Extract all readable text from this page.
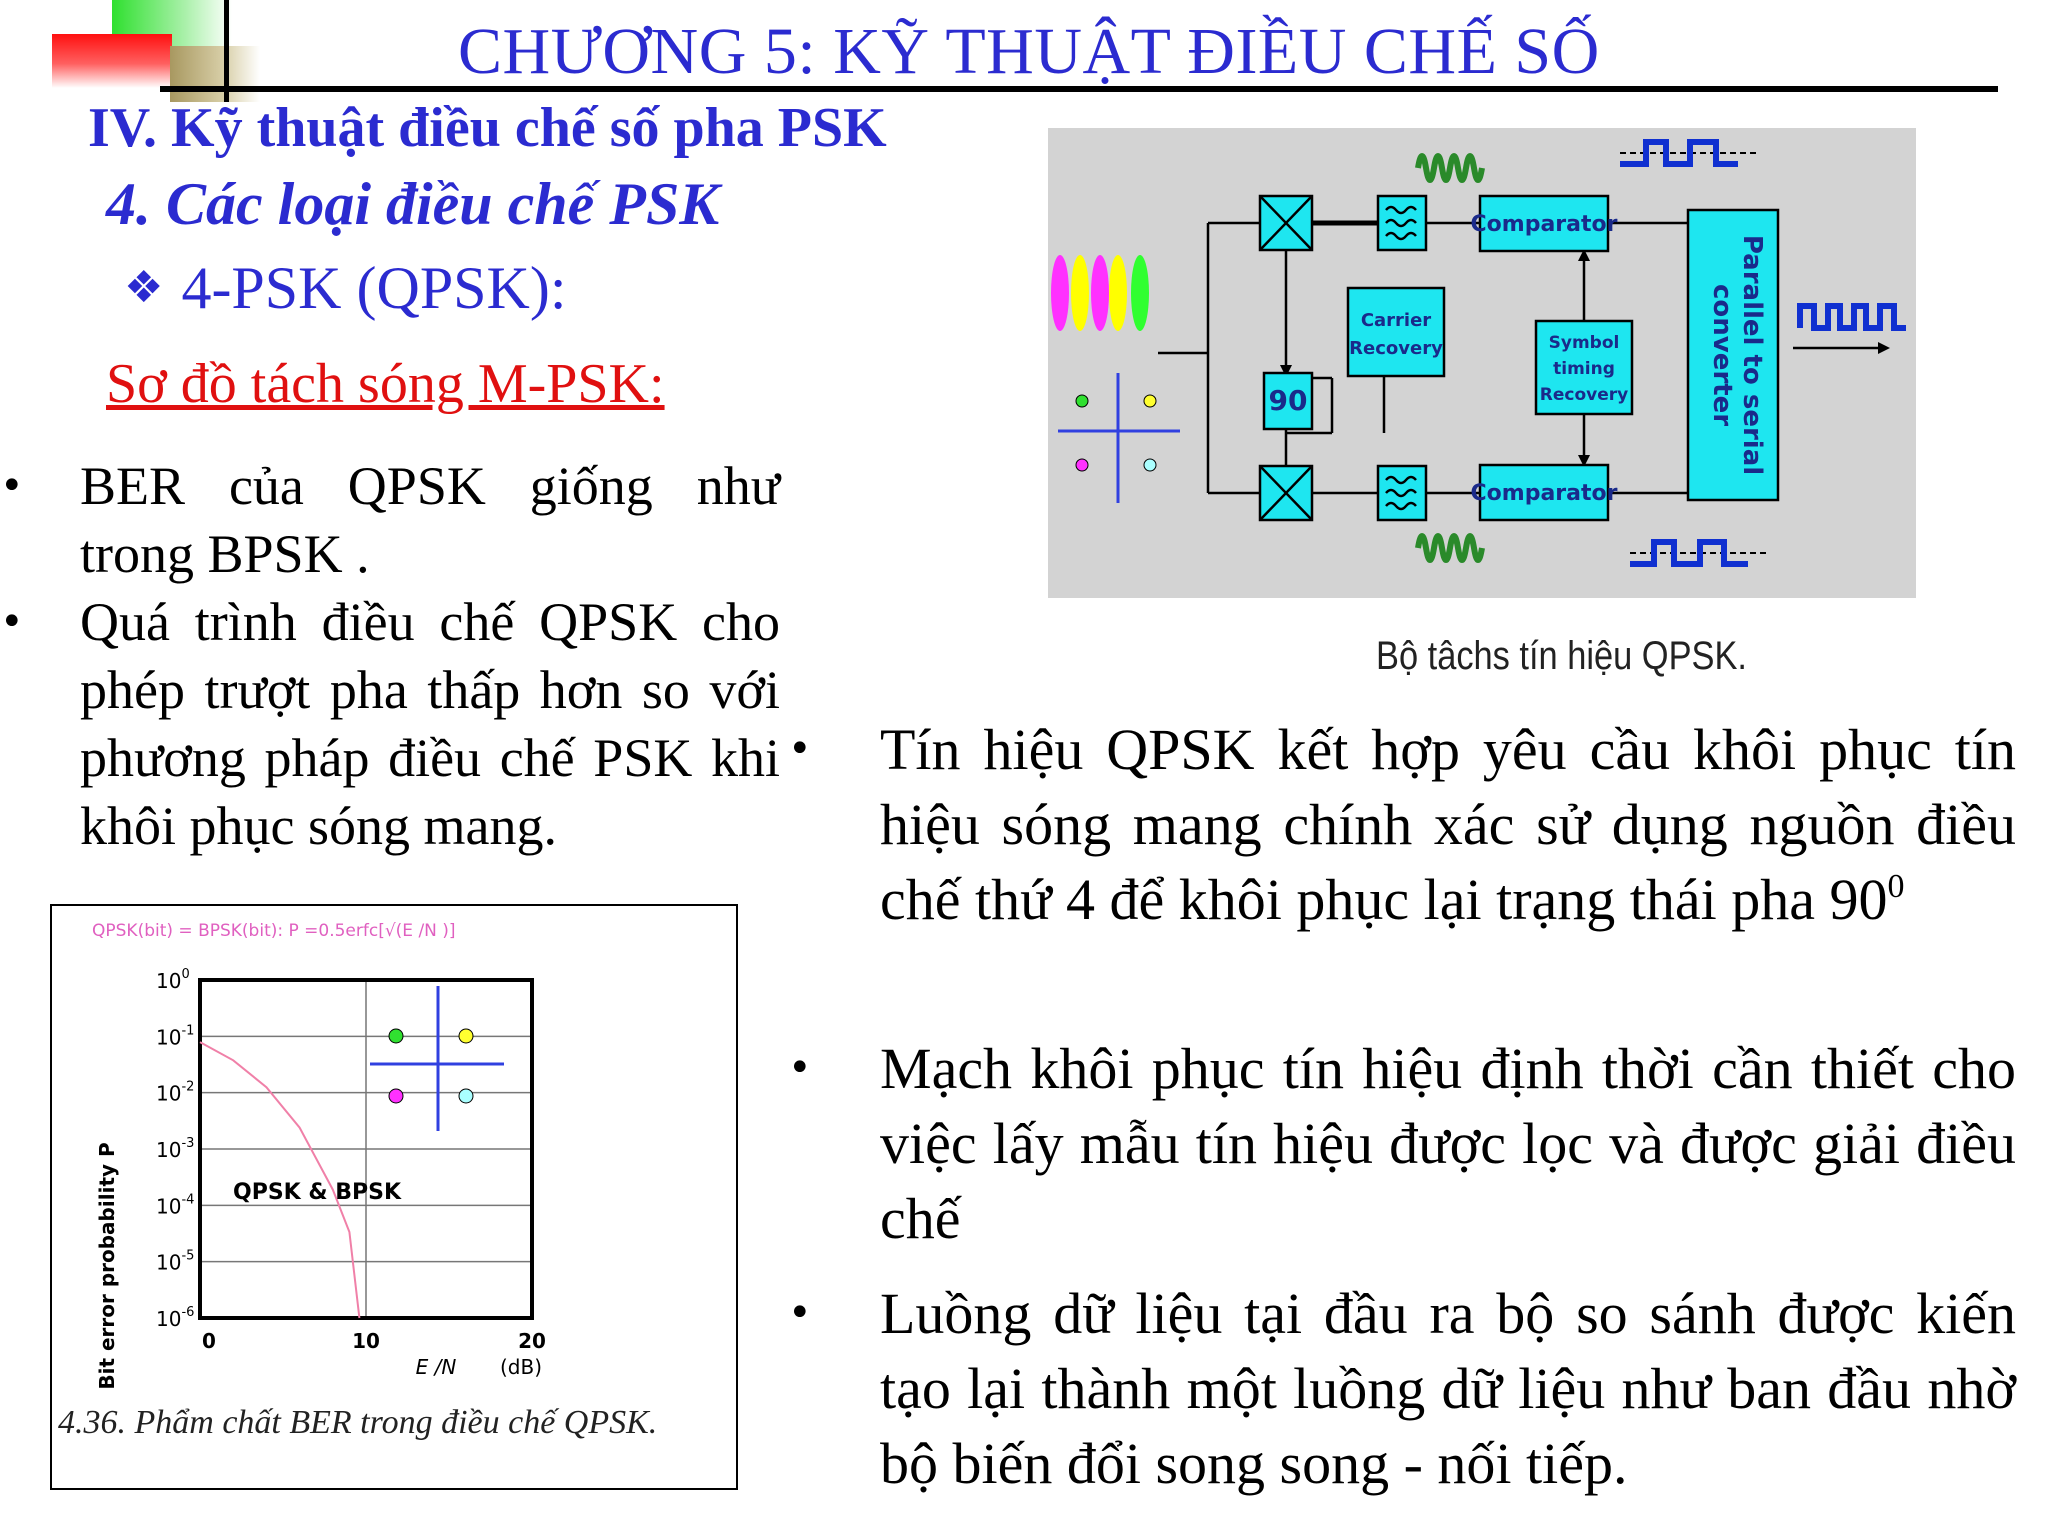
CHƯƠNG 5: KỸ THUẬT ĐIỀU CHẾ SỐ
IV. Kỹ thuật điều chế số pha PSK
4. Các loại điều chế PSK
❖ 4-PSK (QPSK):
Sơ đồ tách sóng M-PSK:
• BER của QPSK giống như trong BPSK .
• Quá trình điều chế QPSK cho phép trượt pha thấp hơn so với phương pháp điều chế PSK khi khôi phục sóng mang.
• Tín hiệu QPSK kết hợp yêu cầu khôi phục tín hiệu sóng mang chính xác sử dụng nguồn điều chế thứ 4 để khôi phục lại trạng thái pha $90^0$
• Mạch khôi phục tín hiệu định thời cần thiết cho việc lấy mẫu tín hiệu được lọc và được giải điều chế
• Luồng dữ liệu tại đầu ra bộ so sánh được kiến tạo lại thành một luồng dữ liệu như ban đầu nhờ bộ biến đổi song song - nối tiếp.
90
Carrier
Recovery	Symbol
timing
Recovery
Comparator
Comparator
Parallel to serial
converter
Bộ tâchs tín hiệu QPSK.
QPSK(bit) = BPSK(bit): P =0.5erfc[√(E /N )]
$10^0$
$10^{-1}$
$10^{-2}$
$10^{-3}$
$10^{-4}$
$10^{-5}$
$10^{-6}$
0	10	20
QPSK & BPSK
Bit error probability P	E /N (dB)
4.36. Phẩm chất BER trong điều chế QPSK.
